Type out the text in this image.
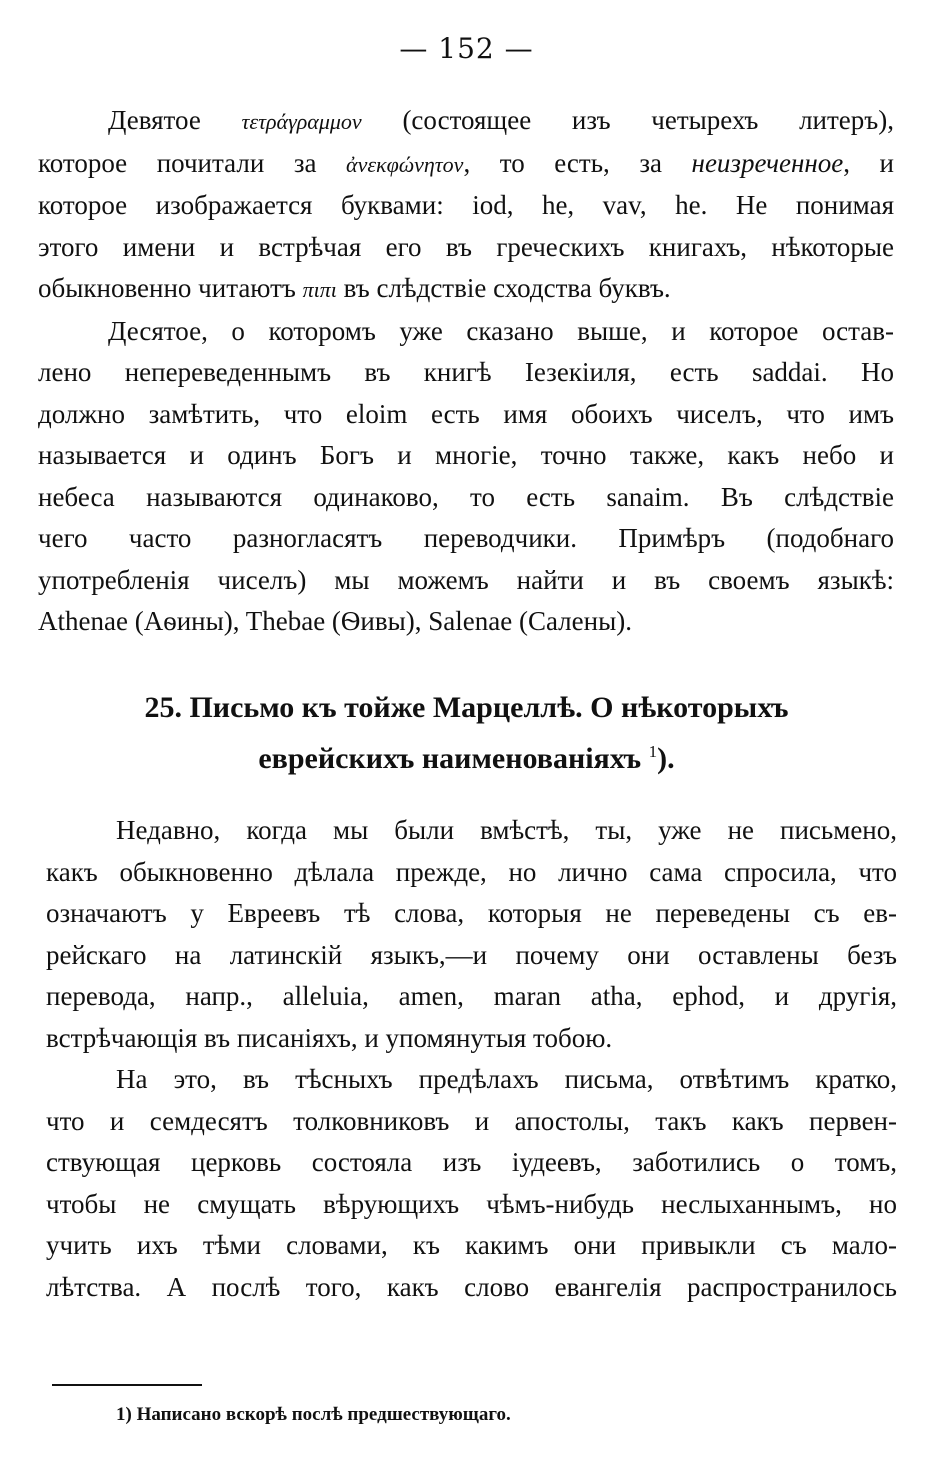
— 152 —
Девятое τετράγραμμον (состоящее изъ четырехъ литеръ),
которое почитали за ἀνεκφώνητον, то есть, за неизреченное, и
которое изображается буквами: iod, he, vav, he. Не понимая
этого имени и встрѣчая его въ греческихъ книгахъ, нѣкоторые
обыкновенно читаютъ πιπι въ слѣдствіе сходства буквъ.
Десятое, о которомъ уже сказано выше, и которое остав-
лено непереведеннымъ въ книгѣ Іезекіиля, есть saddai. Но
должно замѣтить, что eloim есть имя обоихъ чиселъ, что имъ
называется и одинъ Богъ и многіе, точно также, какъ небо и
небеса называются одинаково, то есть sanaim. Въ слѣдствіе
чего часто разногласятъ переводчики. Примѣръ (подобнаго
употребленія чиселъ) мы можемъ найти и въ своемъ языкѣ:
Athenae (Аѳины), Thebae (Ѳивы), Salenae (Салены).
25. Письмо къ тойже Марцеллѣ. О нѣкоторыхъ
еврейскихъ наименованіяхъ $^1$).
Недавно, когда мы были вмѣстѣ, ты, уже не письмено,
какъ обыкновенно дѣлала прежде, но лично сама спросила, что
означаютъ у Евреевъ тѣ слова, которыя не переведены съ ев-
рейскаго на латинскій языкъ,—и почему они оставлены безъ
перевода, напр., alleluia, amen, maran atha, ephod, и другія,
встрѣчающія въ писаніяхъ, и упомянутыя тобою.
На это, въ тѣсныхъ предѣлахъ письма, отвѣтимъ кратко,
что и семдесятъ толковниковъ и апостолы, такъ какъ первен-
ствующая церковь состояла изъ іудеевъ, заботились о томъ,
чтобы не смущать вѣрующихъ чѣмъ-нибудь неслыханнымъ, но
учить ихъ тѣми словами, къ какимъ они привыкли съ мало-
лѣтства. А послѣ того, какъ слово евангелія распространилось
1) Написано вскорѣ послѣ предшествующаго.
